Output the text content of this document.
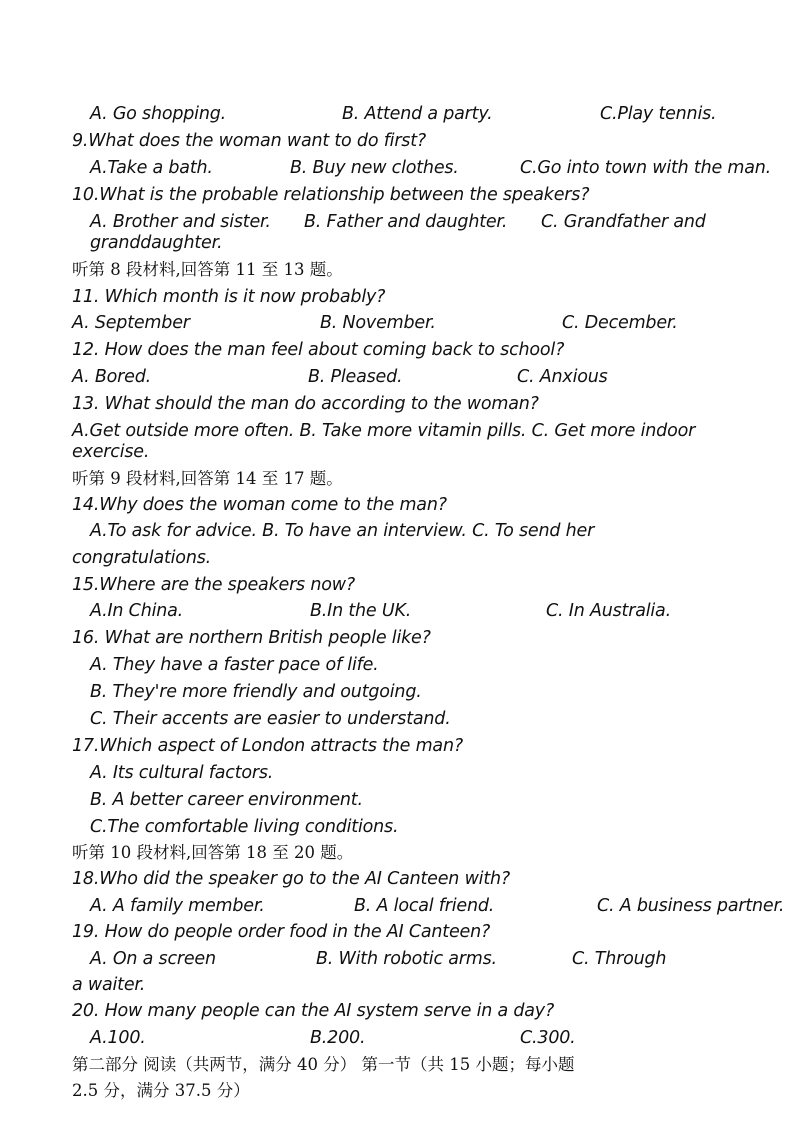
A. Go shopping.	B. Attend a party.	C.Play tennis.
9.What does the woman want to do first?
A.Take a bath.	B. Buy new clothes.	C.Go into town with the man.
10.What is the probable relationship between the speakers?
A. Brother and sister. B. Father and daughter. C. Grandfather and
granddaughter.
听第 8 段材料,回答第 11 至 13 题。
11. Which month is it now probably?
A. September	B. November.	C. December.
12. How does the man feel about coming back to school?
A. Bored.	B. Pleased.	C. Anxious
13. What should the man do according to the woman?
A.Get outside more often. B. Take more vitamin pills. C. Get more indoor
exercise.
听第 9 段材料,回答第 14 至 17 题。
14.Why does the woman come to the man?
A.To ask for advice. B. To have an interview. C. To send her
congratulations.
15.Where are the speakers now?
A.In China.	B.In the UK.	C. In Australia.
16. What are northern British people like?
A. They have a faster pace of life.
B. They're more friendly and outgoing.
C. Their accents are easier to understand.
17.Which aspect of London attracts the man?
A. Its cultural factors.
B. A better career environment.
C.The comfortable living conditions.
听第 10 段材料,回答第 18 至 20 题。
18.Who did the speaker go to the AI Canteen with?
A. A family member.	B. A local friend.	C. A business partner.
19. How do people order food in the AI Canteen?
A. On a screen	B. With robotic arms.	C. Through
a waiter.
20. How many people can the AI system serve in a day?
A.100.	B.200.	C.300.
第二部分 阅读（共两节，满分 40 分） 第一节（共 15 小题；每小题
2.5 分，满分 37.5 分）
